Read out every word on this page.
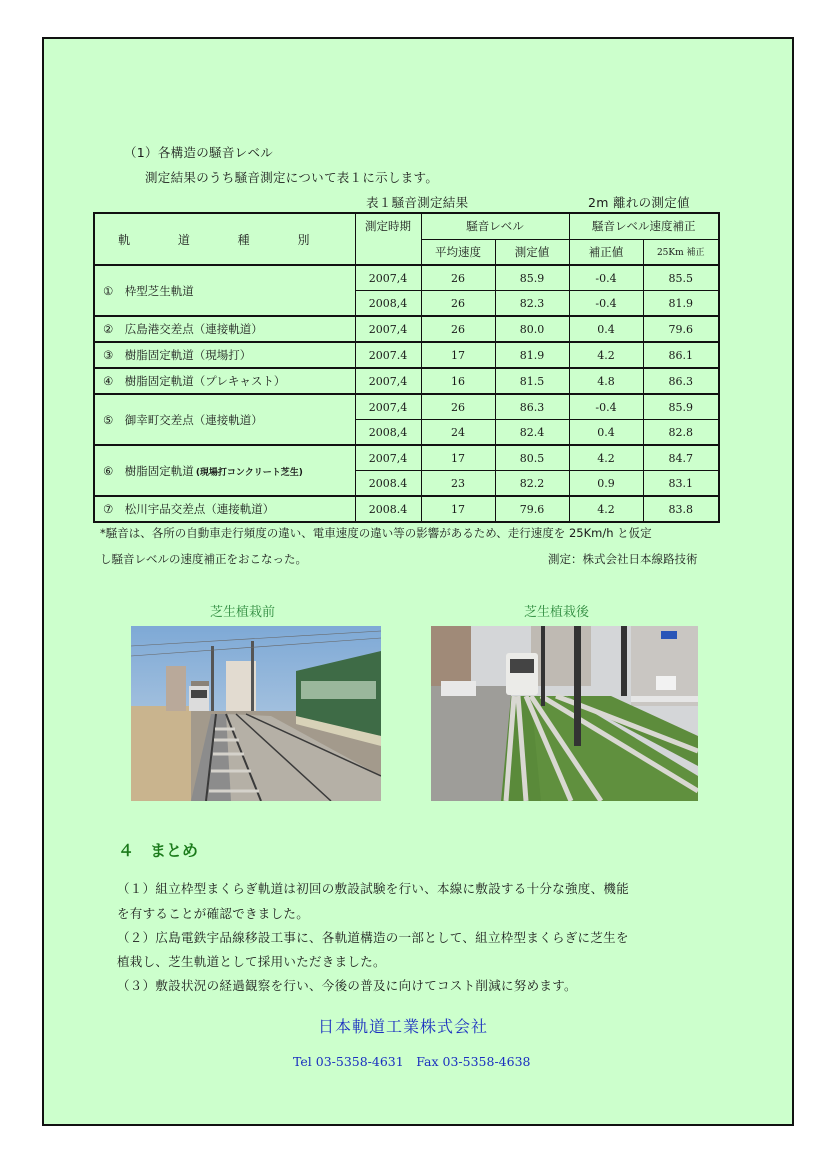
（1）各構造の騒音レベル
測定結果のうち騒音測定について表１に示します。
表１騒音測定結果	2m 離れの測定値
軌 道 種 別	測定時期	騒音レベル		騒音レベル速度補正	
		平均速度	測定値	補正値	25Km 補正
①　枠型芝生軌道	2007,4	26	85.9	-0.4	85.5
	2008,4	26	82.3	-0.4	81.9
②　広島港交差点（連接軌道）	2007,4	26	80.0	0.4	79.6
③　樹脂固定軌道（現場打）	2007.4	17	81.9	4.2	86.1
④　樹脂固定軌道（プレキャスト）	2007,4	16	81.5	4.8	86.3
⑤　御幸町交差点（連接軌道）	2007,4	26	86.3	-0.4	85.9
	2008,4	24	82.4	0.4	82.8
⑥　樹脂固定軌道 (現場打コンクリート芝生)	2007,4	17	80.5	4.2	84.7
	2008.4	23	82.2	0.9	83.1
⑦　松川宇品交差点（連接軌道）	2008.4	17	79.6	4.2	83.8
*騒音は、各所の自動車走行頻度の違い、電車速度の違い等の影響があるため、走行速度を 25Km/h と仮定
し騒音レベルの速度補正をおこなった。	測定：株式会社日本線路技術
芝生植栽前	芝生植栽後
４　まとめ
（１）組立枠型まくらぎ軌道は初回の敷設試験を行い、本線に敷設する十分な強度、機能
を有することが確認できました。
（２）広島電鉄宇品線移設工事に、各軌道構造の一部として、組立枠型まくらぎに芝生を
植栽し、芝生軌道として採用いただきました。
（３）敷設状況の経過観察を行い、今後の普及に向けてコスト削減に努めます。
日本軌道工業株式会社
Tel 03-5358-4631　Fax 03-5358-4638
